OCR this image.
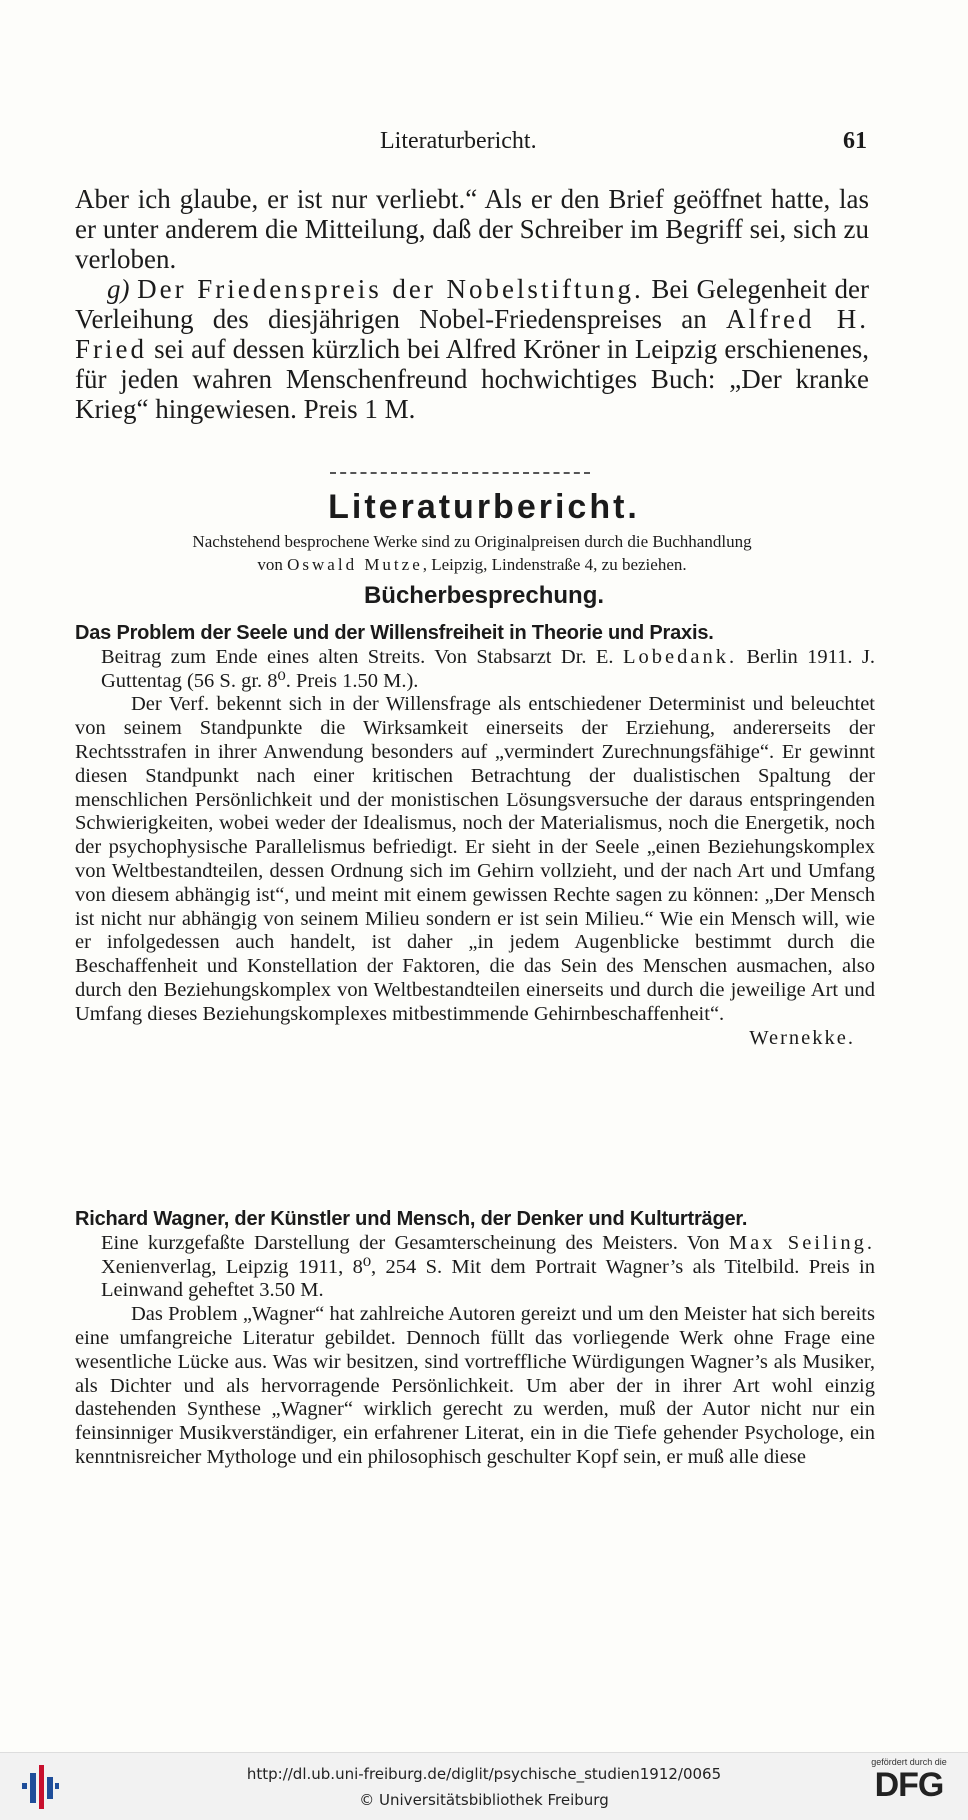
Literaturbericht.	61

Aber ich glaube, er ist nur verliebt.“ Als er den Brief geöffnet hatte, las er unter anderem die Mitteilung, daß der Schreiber im Begriff sei, sich zu verloben.

g) Der Friedenspreis der Nobelstiftung. Bei Gelegenheit der Verleihung des diesjährigen Nobel-Friedenspreises an Alfred H. Fried sei auf dessen kürzlich bei Alfred Kröner in Leipzig erschienenes, für jeden wahren Menschenfreund hochwichtiges Buch: „Der kranke Krieg“ hingewiesen. Preis 1 M.

Literaturbericht.
Nachstehend besprochene Werke sind zu Originalpreisen durch die Buchhandlung
von Oswald Mutze, Leipzig, Lindenstraße 4, zu beziehen.
Bücherbesprechung.

Das Problem der Seele und der Willensfreiheit in Theorie und Praxis.

Beitrag zum Ende eines alten Streits. Von Stabsarzt Dr. E. Lobedank. Berlin 1911. J. Guttentag (56 S. gr. 8⁰. Preis 1.50 M.).

Der Verf. bekennt sich in der Willensfrage als entschiedener Determinist und beleuchtet von seinem Standpunkte die Wirksamkeit einerseits der Erziehung, andererseits der Rechtsstrafen in ihrer Anwendung besonders auf „vermindert Zurechnungsfähige“. Er gewinnt diesen Standpunkt nach einer kritischen Betrachtung der dualistischen Spaltung der menschlichen Persönlichkeit und der monistischen Lösungsversuche der daraus entspringenden Schwierigkeiten, wobei weder der Idealismus, noch der Materialismus, noch die Energetik, noch der psychophysische Parallelismus befriedigt. Er sieht in der Seele „einen Beziehungskomplex von Weltbestandteilen, dessen Ordnung sich im Gehirn vollzieht, und der nach Art und Umfang von diesem abhängig ist“, und meint mit einem gewissen Rechte sagen zu können: „Der Mensch ist nicht nur abhängig von seinem Milieu sondern er ist sein Milieu.“ Wie ein Mensch will, wie er infolgedessen auch handelt, ist daher „in jedem Augenblicke bestimmt durch die Beschaffenheit und Konstellation der Faktoren, die das Sein des Menschen ausmachen, also durch den Beziehungskomplex von Weltbestandteilen einerseits und durch die jeweilige Art und Umfang dieses Beziehungskomplexes mitbestimmende Gehirnbeschaffenheit“.

Wernekke.

Richard Wagner, der Künstler und Mensch, der Denker und Kulturträger.

Eine kurzgefaßte Darstellung der Gesamterscheinung des Meisters. Von Max Seiling. Xenienverlag, Leipzig 1911, 8⁰, 254 S. Mit dem Portrait Wagner’s als Titelbild. Preis in Leinwand geheftet 3.50 M.

Das Problem „Wagner“ hat zahlreiche Autoren gereizt und um den Meister hat sich bereits eine umfangreiche Literatur gebildet. Dennoch füllt das vorliegende Werk ohne Frage eine wesentliche Lücke aus. Was wir besitzen, sind vortreffliche Würdigungen Wagner’s als Musiker, als Dichter und als hervorragende Persönlichkeit. Um aber der in ihrer Art wohl einzig dastehenden Synthese „Wagner“ wirklich gerecht zu werden, muß der Autor nicht nur ein feinsinniger Musikverständiger, ein erfahrener Literat, ein in die Tiefe gehender Psychologe, ein kenntnisreicher Mythologe und ein philosophisch geschulter Kopf sein, er muß alle diese

http://dl.ub.uni-freiburg.de/diglit/psychische_studien1912/0065
© Universitätsbibliothek Freiburg
gefördert durch die
DFG
